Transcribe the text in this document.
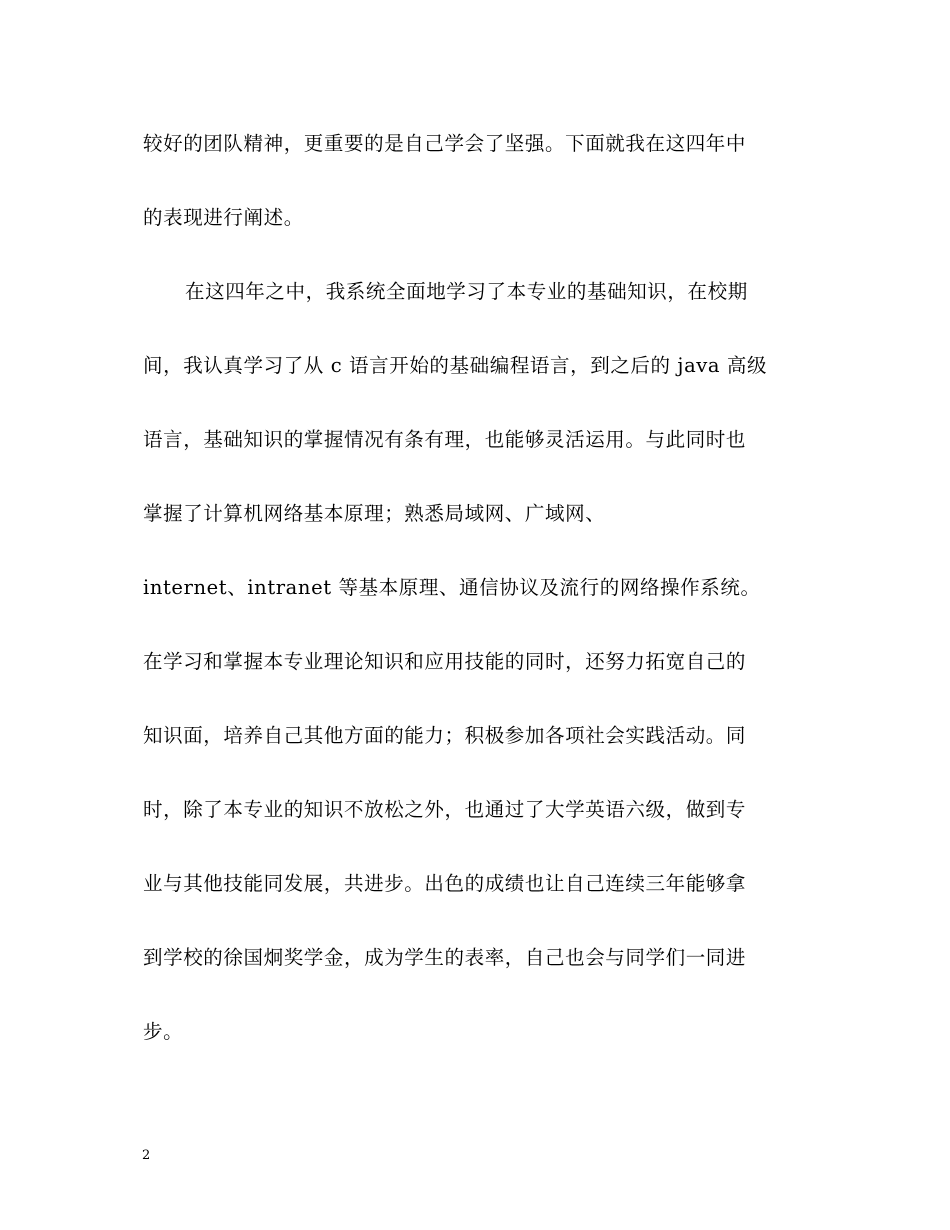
较好的团队精神，更重要的是自己学会了坚强。下面就我在这四年中
的表现进行阐述。
在这四年之中，我系统全面地学习了本专业的基础知识，在校期
间，我认真学习了从 c 语言开始的基础编程语言，到之后的 java 高级
语言，基础知识的掌握情况有条有理，也能够灵活运用。与此同时也
掌握了计算机网络基本原理；熟悉局域网、广域网、
internet、intranet 等基本原理、通信协议及流行的网络操作系统。
在学习和掌握本专业理论知识和应用技能的同时，还努力拓宽自己的
知识面，培养自己其他方面的能力；积极参加各项社会实践活动。同
时，除了本专业的知识不放松之外，也通过了大学英语六级，做到专
业与其他技能同发展，共进步。出色的成绩也让自己连续三年能够拿
到学校的徐国炯奖学金，成为学生的表率，自己也会与同学们一同进
步。
2
